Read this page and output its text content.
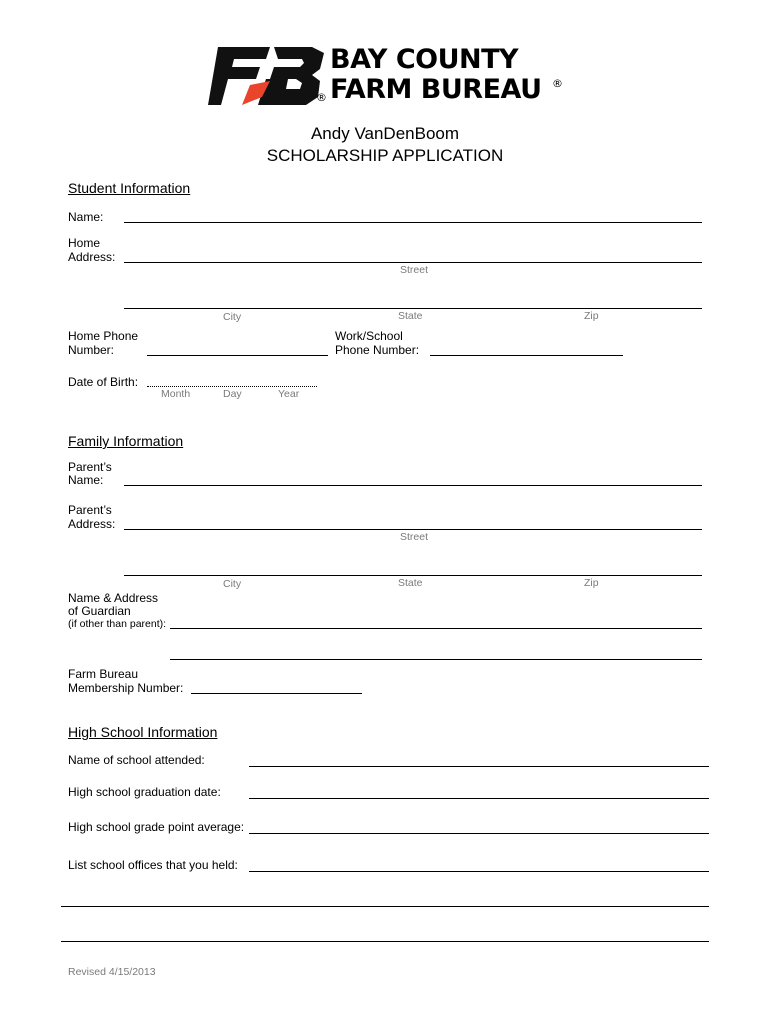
BAY COUNTY
® FARM BUREAU ®
Andy VanDenBoom
SCHOLARSHIP APPLICATION
Student Information
Name:
Home
Address:
Street
City	State	Zip
Home Phone
Number:
Work/School
Phone Number:
Date of Birth:
Month	Day	Year
Family Information
Parent’s
Name:
Parent’s
Address:
Street
City	State	Zip
Name & Address
of Guardian
(if other than parent):
Farm Bureau
Membership Number:
High School Information
Name of school attended:
High school graduation date:
High school grade point average:
List school offices that you held:
Revised 4/15/2013
